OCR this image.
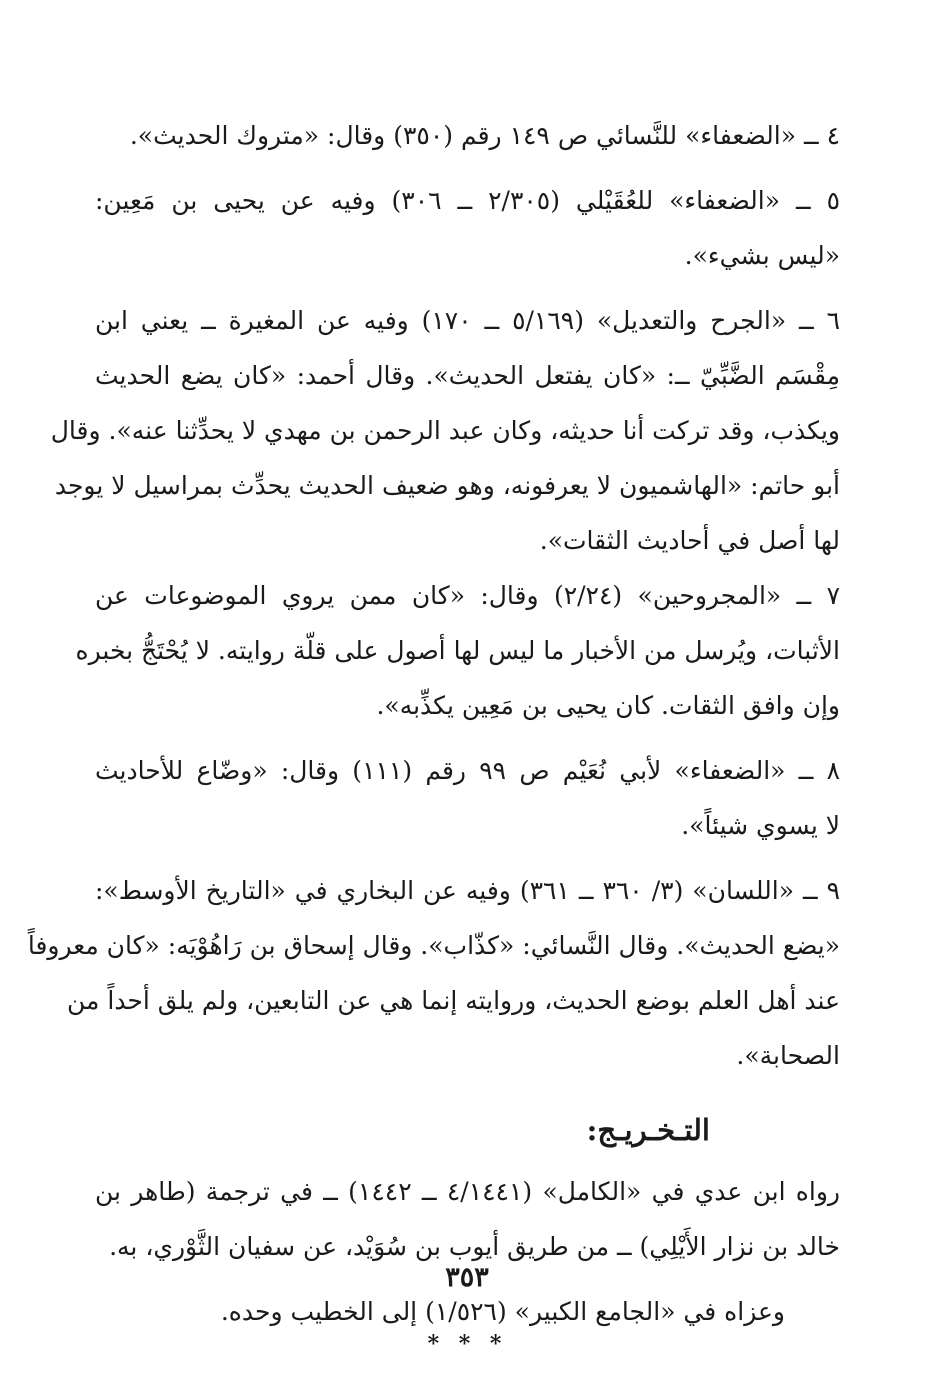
٤ ــ «الضعفاء» للنَّسائي ص ١٤٩ رقم (٣٥٠) وقال: «متروك الحديث».
٥ ــ «الضعفاء» للعُقَيْلي (٢/٣٠٥ ــ ٣٠٦) وفيه عن يحيى بن مَعِين:
«ليس بشيء».
٦ ــ «الجرح والتعديل» (٥/١٦٩ ــ ١٧٠) وفيه عن المغيرة ــ يعني ابن
مِقْسَم الضَّبِّيّ ــ: «كان يفتعل الحديث». وقال أحمد: «كان يضع الحديث
ويكذب، وقد تركت أنا حديثه، وكان عبد الرحمن بن مهدي لا يحدِّثنا عنه». وقال
أبو حاتم: «الهاشميون لا يعرفونه، وهو ضعيف الحديث يحدِّث بمراسيل لا يوجد
لها أصل في أحاديث الثقات».
٧ ــ «المجروحين» (٢/٢٤) وقال: «كان ممن يروي الموضوعات عن
الأثبات، ويُرسل من الأخبار ما ليس لها أصول على قلّة روايته. لا يُحْتَجُّ بخبره
وإن وافق الثقات. كان يحيى بن مَعِين يكذِّبه».
٨ ــ «الضعفاء» لأبي نُعَيْم ص ٩٩ رقم (١١١) وقال: «وضّاع للأحاديث
لا يسوي شيئاً».
٩ ــ «اللسان» (٣/ ٣٦٠ ــ ٣٦١) وفيه عن البخاري في «التاريخ الأوسط»:
«يضع الحديث». وقال النَّسائي: «كذّاب». وقال إسحاق بن رَاهُوْيَه: «كان معروفاً
عند أهل العلم بوضع الحديث، وروايته إنما هي عن التابعين، ولم يلق أحداً من
الصحابة».
التـخـريـج:
رواه ابن عدي في «الكامل» (٤/١٤٤١ ــ ١٤٤٢) ــ في ترجمة (طاهر بن
خالد بن نزار الأَيْلِي) ــ من طريق أيوب بن سُوَيْد، عن سفيان الثَّوْري، به.
وعزاه في «الجامع الكبير» (١/٥٢٦) إلى الخطيب وحده.
* * *
٣٥٣
